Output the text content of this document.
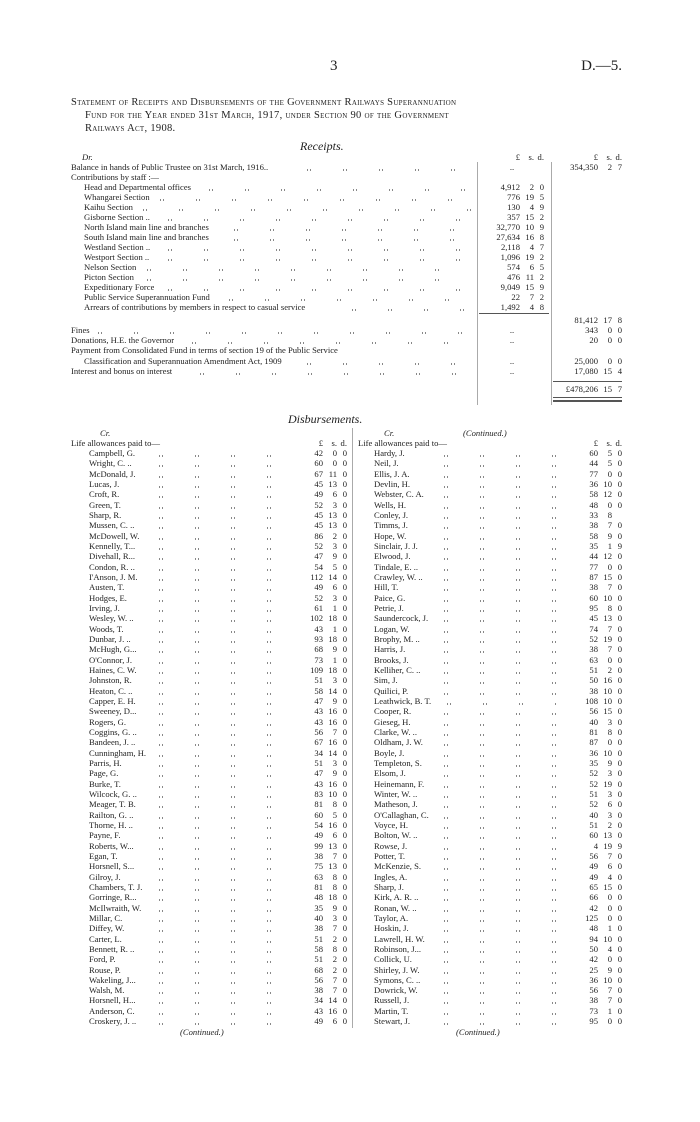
3	D.—5.
Statement of Receipts and Disbursements of the Government Railways Superannuation
Fund for the Year ended 31st March, 1917, under Section 90 of the Government
Railways Act, 1908.
Receipts.
Dr.	£ s. d.	£ s. d.
Balance in hands of Public Trustee on 31st March, 1916..	..	354,350	2 7
Contributions by staff :—
Head and Departmental offices	4,912	2 0
Whangarei Section	776 19 5
Kaihu Section	130	4 9
Gisborne Section ..	357 15 2
North Island main line and branches	32,770 10 9
South Island main line and branches	27,634 16 8
Westland Section ..	2,118	4 7
Westport Section ..	1,096 19 2
Nelson Section	574	6 5
Picton Section	476 11 2
Expeditionary Force	9,049 15 9
Public Service Superannuation Fund	22	7 2
Arrears of contributions by members in respect to casual service	1,492	4 8
81,412 17 8
Fines	..	343	0 0
Donations, H.E. the Governor	..	20	0 0
Payment from Consolidated Fund in terms of section 19 of the Public Service
Classification and Superannuation Amendment Act, 1909	..	25,000	0 0
Interest and bonus on interest	..	17,080 15 4
£478,206 15 7
Disbursements.
Cr.
Life allowances paid to—	£ s. d.
Campbell, G.	42	0 0
Wright, C. ..	60	0 0
McDonald, J.	67 11 0
Lucas, J.	45 13 0
Croft, R.	49	6 0
Green, T.	52	3 0
Sharp, R.	45 13 0
Mussen, C. ..	45 13 0
McDowell, W.	86	2 0
Kennelly, T...	52	3 0
Divehall, R...	47	9 0
Condon, R. ..	54	5 0
I'Anson, J. M.	112 14 0
Austen, T.	49	6 0
Hodges, E.	52	3 0
Irving, J.	61	1 0
Wesley, W. ..	102 18 0
Woods, T.	43	1 0
Dunbar, J. ..	93 18 0
McHugh, G...	68	9 0
O'Connor, J.	73	1 0
Haines, C. W.	109 18 0
Johnston, R.	51	3 0
Heaton, C. ..	58 14 0
Capper, E. H.	47	9 0
Sweeney, D...	43 16 0
Rogers, G.	43 16 0
Coggins, G. ..	56	7 0
Bandeen, J. ..	67 16 0
Cunningham, H.	34 14 0
Parris, H.	51	3 0
Page, G.	47	9 0
Burke, T.	43 16 0
Wilcock, G. ..	83 10 0
Meager, T. B.	81	8 0
Railton, G. ..	60	5 0
Thorne, H. ..	54 16 0
Payne, F.	49	6 0
Roberts, W...	99 13 0
Egan, T.	38	7 0
Horsnell, S...	75 13 0
Gilroy, J.	63	8 0
Chambers, T. J.	81	8 0
Gorringe, R...	48 18 0
McIlwraith, W.	35	9 0
Millar, C.	40	3 0
Diffey, W.	38	7 0
Carter, L.	51	2 0
Bennett, R. ..	58	8 0
Ford, P.	51	2 0
Rouse, P.	68	2 0
Wakeling, J...	56	7 0
Walsh, M.	38	7 0
Horsnell, H...	34 14 0
Anderson, C.	43 16 0
Croskery, J. ..	49	6 0
(Continued.)
Cr.	(Continued.)
Life allowances paid to—	£ s. d.
Hardy, J.	60	5 0
Neil, J.	44	5 0
Ellis, J. A.	77	0 0
Devlin, H.	36 10 0
Webster, C. A.	58 12 0
Wells, H.	48	0 0
Conley, J.	33	8
Timms, J.	38	7 0
Hope, W.	58	9 0
Sinclair, J. J.	35	1 9
Elwood, J.	44 12 0
Tindale, E. ..	77	0 0
Crawley, W. ..	87 15 0
Hill, T.	38	7 0
Paice, G.	60 10 0
Petrie, J.	95	8 0
Saundercock, J.	45 13 0
Logan, W.	74	7 0
Brophy, M. ..	52 19 0
Harris, J.	38	7 0
Brooks, J.	63	0 0
Kelliher, C. ..	51	2 0
Sim, J.	50 16 0
Quilici, P.	38 10 0
Leathwick, B. T.	108 10 0
Cooper, R.	56 15 0
Gieseg, H.	40	3 0
Clarke, W. ..	81	8 0
Oldham, J. W.	87	0 0
Boyle, J.	36 10 0
Templeton, S.	35	9 0
Elsom, J.	52	3 0
Heinemann, F.	52 19 0
Winter, W. ..	51	3 0
Matheson, J.	52	6 0
O'Callaghan, C.	40	3 0
Voyce, H.	51	2 0
Bolton, W. ..	60 13 0
Rowse, J.	4 19 9
Potter, T.	56	7 0
McKenzie, S.	49	6 0
Ingles, A.	49	4 0
Sharp, J.	65 15 0
Kirk, A. R. ..	66	0 0
Ronan, W. ..	42	0 0
Taylor, A.	125	0 0
Hoskin, J.	48	1 0
Lawrell, H. W.	94 10 0
Robinson, J...	50	4 0
Collick, U.	42	0 0
Shirley, J. W.	25	9 0
Symons, C. ..	36 10 0
Dowrick, W.	56	7 0
Russell, J.	38	7 0
Martin, T.	73	1 0
Stewart, J.	95	0 0
(Continued.)
